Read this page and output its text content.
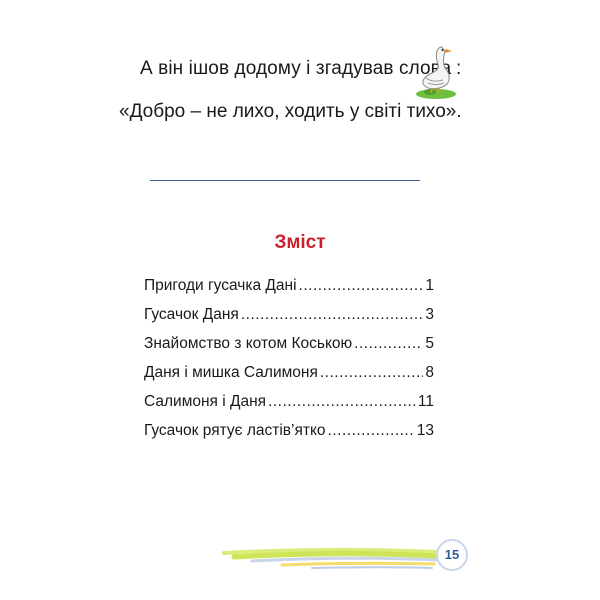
А він ішов додому і згадував слова :
«Добро – не лихо, ходить у світі тихо».
Зміст
Пригоди гусачка Дані .....	1
Гусачок Даня .....	3
Знайомство з котом Коською .....	5
Даня і мишка Салимоня .....	8
Салимоня і Даня .....	11
Гусачок рятує ластів’ятко .....	13
15
